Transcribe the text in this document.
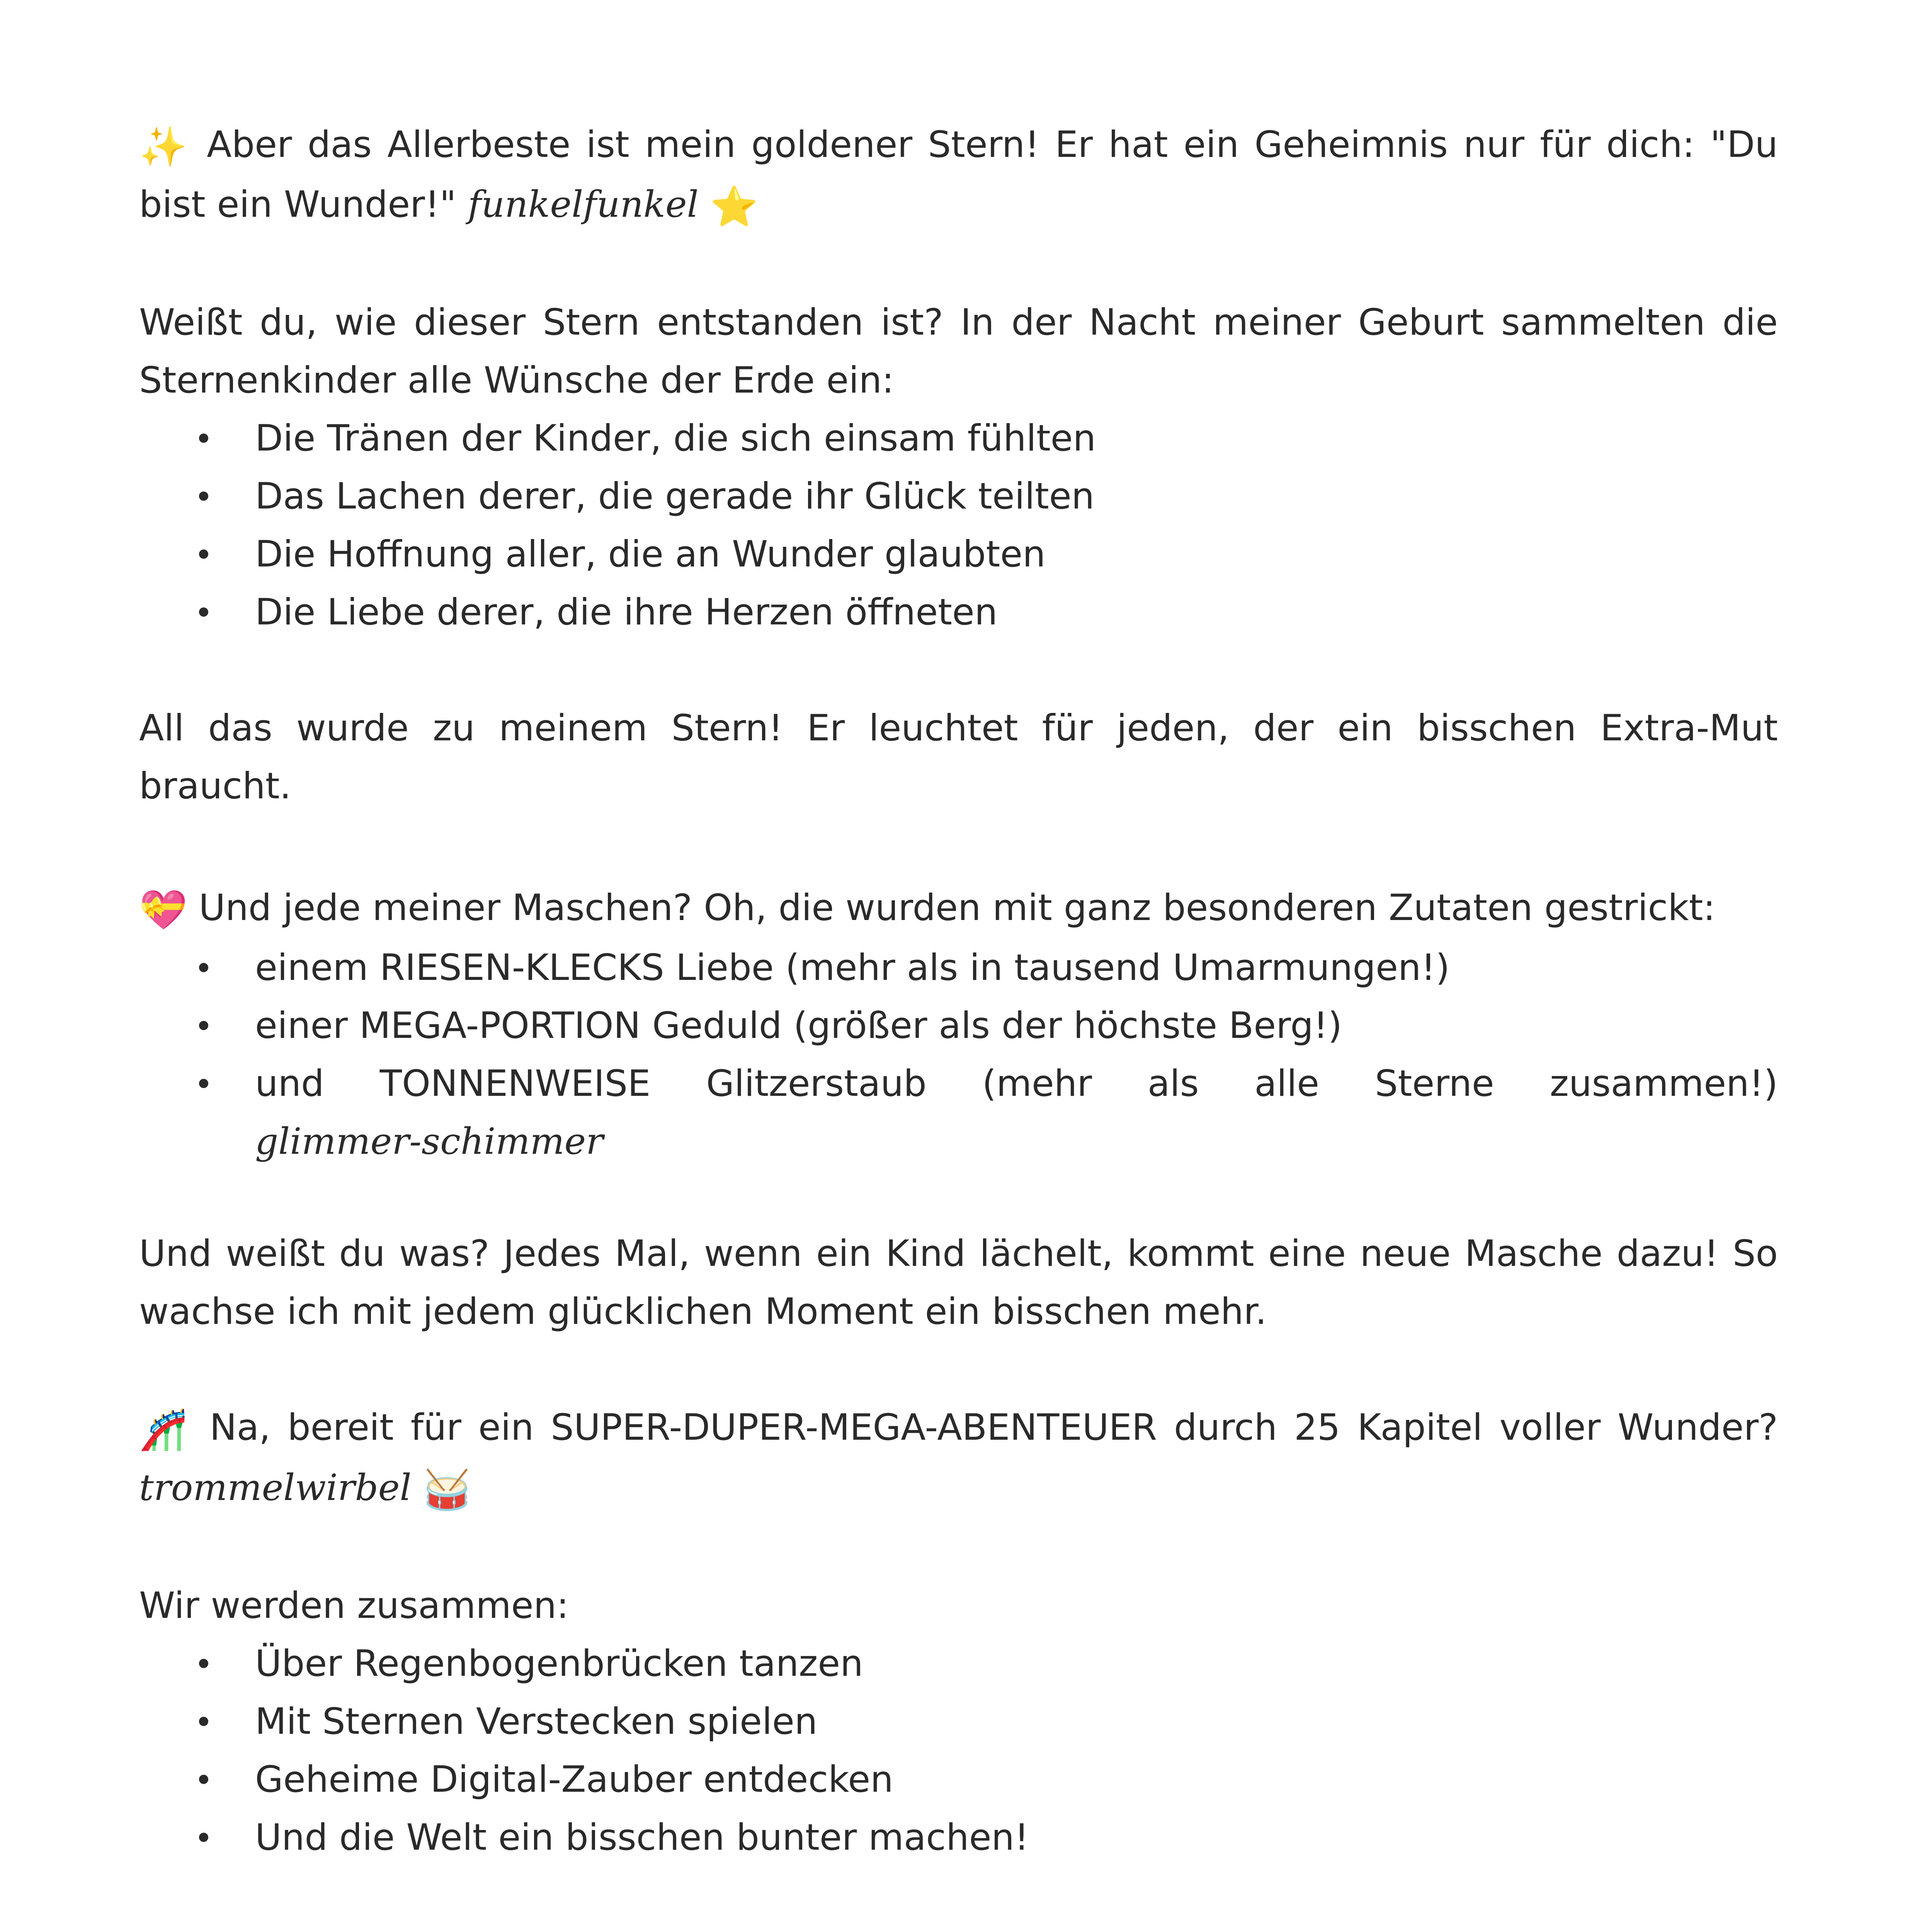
✨ Aber das Allerbeste ist mein goldener Stern! Er hat ein Geheimnis nur für dich: "Du bist ein Wunder!" funkelfunkel ⭐

Weißt du, wie dieser Stern entstanden ist? In der Nacht meiner Geburt sammelten die Sternenkinder alle Wünsche der Erde ein:

Die Tränen der Kinder, die sich einsam fühlten
Das Lachen derer, die gerade ihr Glück teilten
Die Hoffnung aller, die an Wunder glaubten
Die Liebe derer, die ihre Herzen öffneten

All das wurde zu meinem Stern! Er leuchtet für jeden, der ein bisschen Extra-Mut braucht.

💝 Und jede meiner Maschen? Oh, die wurden mit ganz besonderen Zutaten gestrickt:

einem RIESEN-KLECKS Liebe (mehr als in tausend Umarmungen!)
einer MEGA-PORTION Geduld (größer als der höchste Berg!)
und TONNENWEISE Glitzerstaub (mehr als alle Sterne zusammen!)
glimmer-schimmer

Und weißt du was? Jedes Mal, wenn ein Kind lächelt, kommt eine neue Masche dazu! So wachse ich mit jedem glücklichen Moment ein bisschen mehr.

🎢 Na, bereit für ein SUPER-DUPER-MEGA-ABENTEUER durch 25 Kapitel voller Wunder? trommelwirbel 🥁

Wir werden zusammen:

Über Regenbogenbrücken tanzen
Mit Sternen Verstecken spielen
Geheime Digital-Zauber entdecken
Und die Welt ein bisschen bunter machen!
